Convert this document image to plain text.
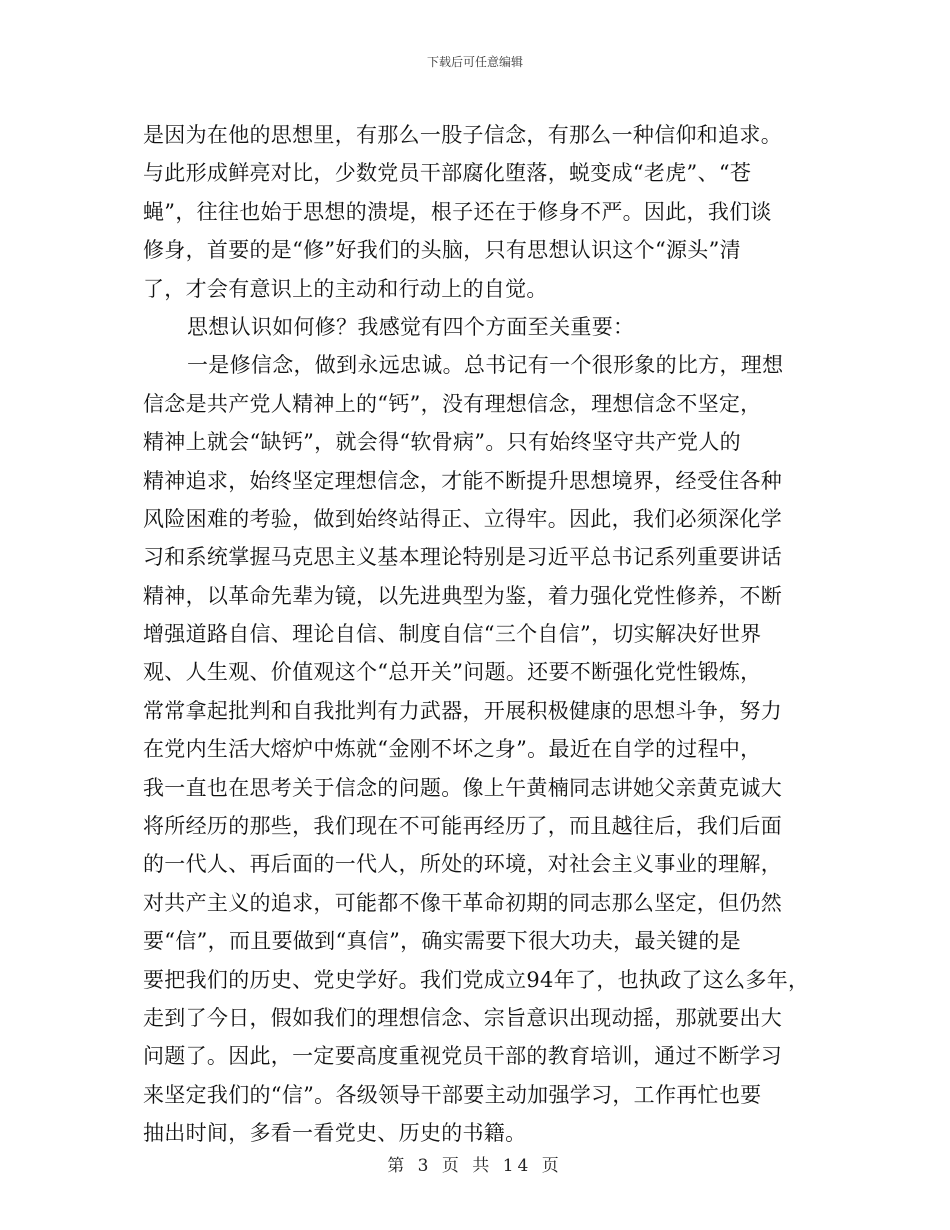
下载后可任意编辑
是因为在他的思想里，有那么一股子信念，有那么一种信仰和追求。
与此形成鲜亮对比，少数党员干部腐化堕落，蜕变成“老虎”、“苍
蝇”，往往也始于思想的溃堤，根子还在于修身不严。因此，我们谈
修身，首要的是“修”好我们的头脑，只有思想认识这个“源头”清
了，才会有意识上的主动和行动上的自觉。
思想认识如何修？我感觉有四个方面至关重要：
一是修信念，做到永远忠诚。总书记有一个很形象的比方，理想
信念是共产党人精神上的“钙”，没有理想信念，理想信念不坚定，
精神上就会“缺钙”，就会得“软骨病”。只有始终坚守共产党人的
精神追求，始终坚定理想信念，才能不断提升思想境界，经受住各种
风险困难的考验，做到始终站得正、立得牢。因此，我们必须深化学
习和系统掌握马克思主义基本理论特别是习近平总书记系列重要讲话
精神，以革命先辈为镜，以先进典型为鉴，着力强化党性修养，不断
增强道路自信、理论自信、制度自信“三个自信”，切实解决好世界
观、人生观、价值观这个“总开关”问题。还要不断强化党性锻炼，
常常拿起批判和自我批判有力武器，开展积极健康的思想斗争，努力
在党内生活大熔炉中炼就“金刚不坏之身”。最近在自学的过程中，
我一直也在思考关于信念的问题。像上午黄楠同志讲她父亲黄克诚大
将所经历的那些，我们现在不可能再经历了，而且越往后，我们后面
的一代人、再后面的一代人，所处的环境，对社会主义事业的理解，
对共产主义的追求，可能都不像干革命初期的同志那么坚定，但仍然
要“信”，而且要做到“真信”，确实需要下很大功夫，最关键的是
要把我们的历史、党史学好。我们党成立94年了，也执政了这么多年，
走到了今日，假如我们的理想信念、宗旨意识出现动摇，那就要出大
问题了。因此，一定要高度重视党员干部的教育培训，通过不断学习
来坚定我们的“信”。各级领导干部要主动加强学习，工作再忙也要
抽出时间，多看一看党史、历史的书籍。
第 3 页 共 14 页
